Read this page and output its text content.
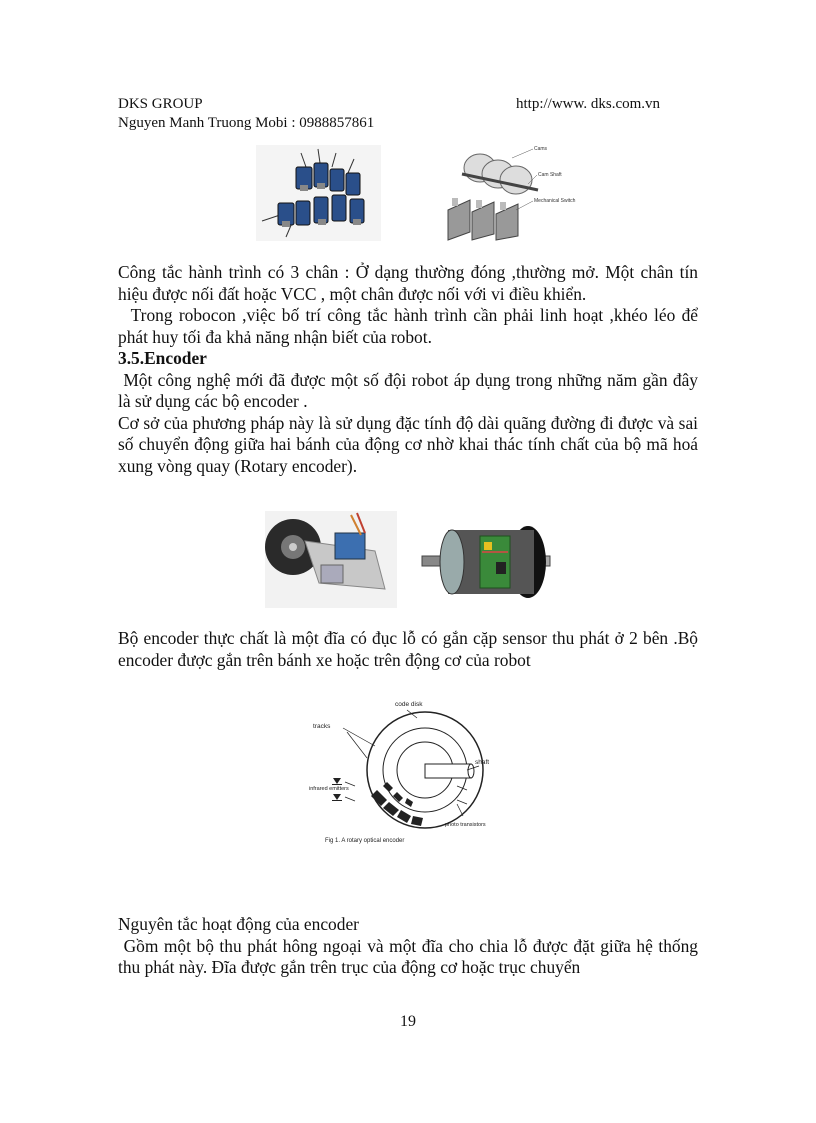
DKS GROUP
Nguyen Manh Truong Mobi : 0988857861
http://www. dks.com.vn
Cams
Cam Shaft
Mechanical Switch

Công tắc hành trình có 3 chân : Ở dạng thường đóng ,thường mở. Một chân tín hiệu được nối đất hoặc VCC , một chân được nối với vi điều khiển.

Trong robocon ,việc bố trí công tắc hành trình cần phải linh hoạt ,khéo léo để phát huy tối đa khả năng nhận biết của robot.

3.5.Encoder

Một công nghệ mới đã được một số đội robot áp dụng trong những năm gần đây là sử dụng các bộ encoder .

Cơ sở của phương pháp này là sử dụng đặc tính độ dài quãng đường đi được và sai số chuyển động giữa hai bánh của động cơ nhờ khai thác tính chất của bộ mã hoá xung vòng quay (Rotary encoder).

Bộ encoder thực chất là một đĩa có đục lỗ có gắn cặp sensor thu phát ở 2 bên .Bộ encoder được gắn trên bánh xe hoặc trên động cơ của robot

code disk
tracks
infrared emitters
shaft
photo transistors
Fig 1. A rotary optical encoder

Nguyên tắc hoạt động của encoder

Gồm một bộ thu phát hông ngoại và một đĩa cho chia lỗ được đặt giữa hệ thống thu phát này. Đĩa được gắn trên trục của động cơ hoặc trục chuyển

19
